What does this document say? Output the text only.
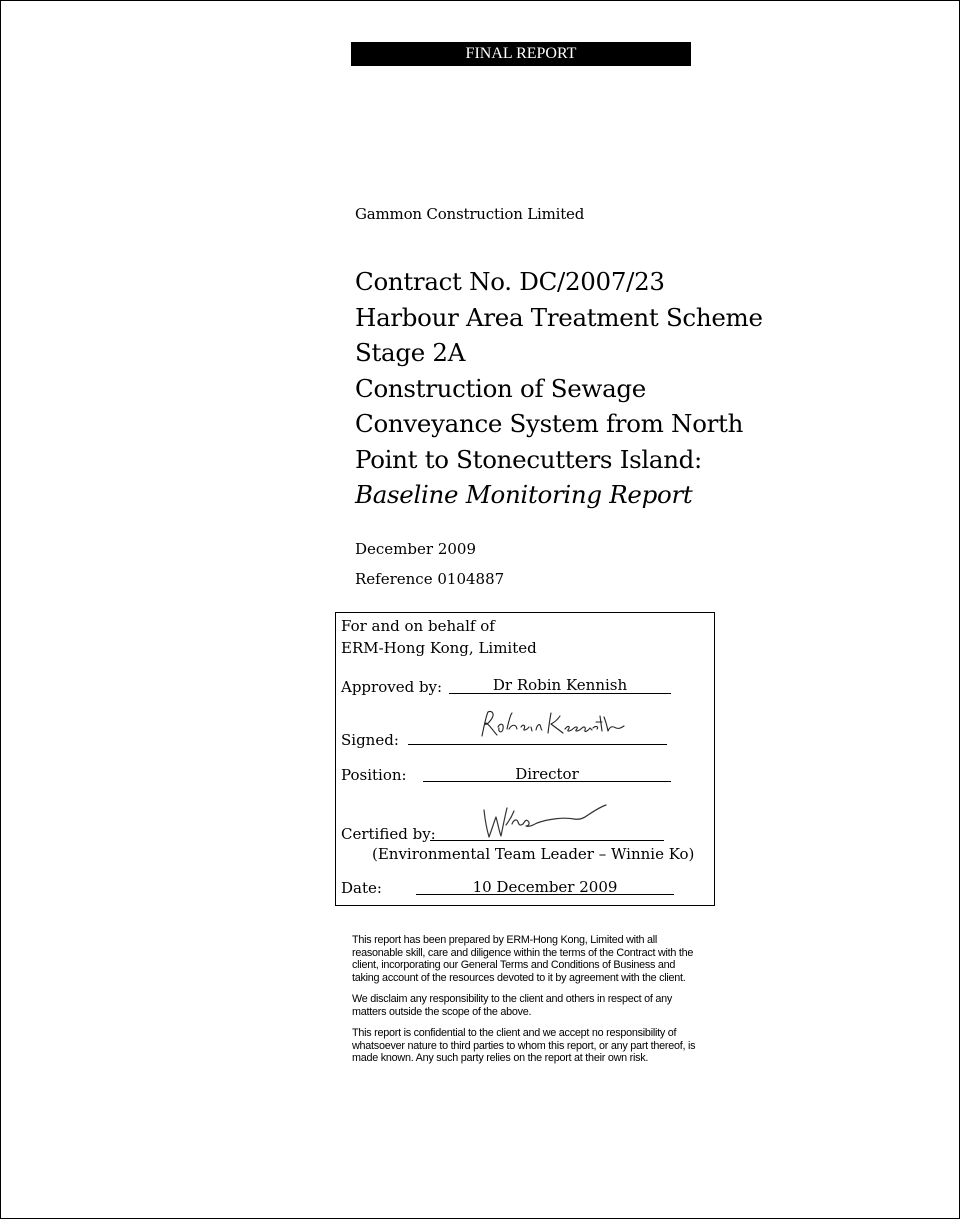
FINAL REPORT
Gammon Construction Limited
Contract No. DC/2007/23
Harbour Area Treatment Scheme
Stage 2A
Construction of Sewage
Conveyance System from North
Point to Stonecutters Island:
Baseline Monitoring Report
December 2009
Reference 0104887
For and on behalf of
ERM-Hong Kong, Limited
Approved by:	Dr Robin Kennish
Signed:
Position:	Director
Certified by:
(Environmental Team Leader – Winnie Ko)
Date:	10 December 2009

This report has been prepared by ERM-Hong Kong, Limited with all reasonable skill, care and diligence within the terms of the Contract with the client, incorporating our General Terms and Conditions of Business and taking account of the resources devoted to it by agreement with the client.

We disclaim any responsibility to the client and others in respect of any matters outside the scope of the above.

This report is confidential to the client and we accept no responsibility of whatsoever nature to third parties to whom this report, or any part thereof, is made known. Any such party relies on the report at their own risk.
